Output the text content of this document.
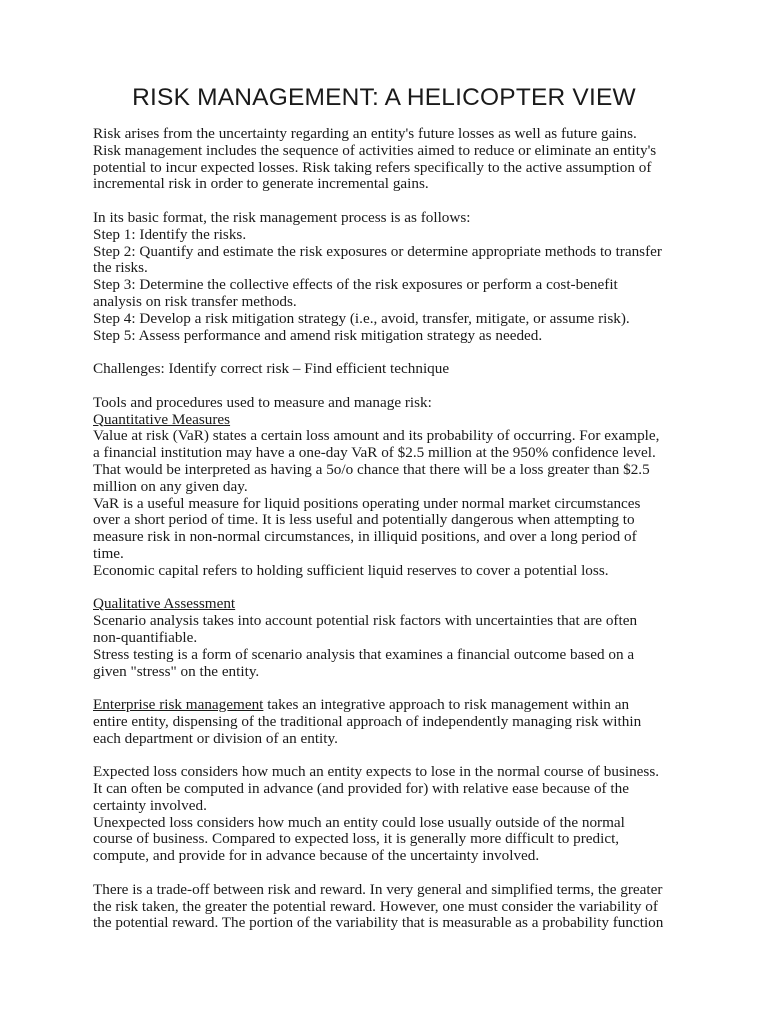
RISK MANAGEMENT: A HELICOPTER VIEW
Risk arises from the uncertainty regarding an entity's future losses as well as future gains.
Risk management includes the sequence of activities aimed to reduce or eliminate an entity's
potential to incur expected losses. Risk taking refers specifically to the active assumption of
incremental risk in order to generate incremental gains.
In its basic format, the risk management process is as follows:
Step 1: Identify the risks.
Step 2: Quantify and estimate the risk exposures or determine appropriate methods to transfer
the risks.
Step 3: Determine the collective effects of the risk exposures or perform a cost-benefit
analysis on risk transfer methods.
Step 4: Develop a risk mitigation strategy (i.e., avoid, transfer, mitigate, or assume risk).
Step 5: Assess performance and amend risk mitigation strategy as needed.
Challenges: Identify correct risk – Find efficient technique
Tools and procedures used to measure and manage risk:
Quantitative Measures
Value at risk (VaR) states a certain loss amount and its probability of occurring. For example,
a financial institution may have a one-day VaR of $2.5 million at the 950% confidence level.
That would be interpreted as having a 5o/o chance that there will be a loss greater than $2.5
million on any given day.
VaR is a useful measure for liquid positions operating under normal market circumstances
over a short period of time. It is less useful and potentially dangerous when attempting to
measure risk in non-normal circumstances, in illiquid positions, and over a long period of
time.
Economic capital refers to holding sufficient liquid reserves to cover a potential loss.
Qualitative Assessment
Scenario analysis takes into account potential risk factors with uncertainties that are often
non-quantifiable.
Stress testing is a form of scenario analysis that examines a financial outcome based on a
given "stress" on the entity.
Enterprise risk management takes an integrative approach to risk management within an
entire entity, dispensing of the traditional approach of independently managing risk within
each department or division of an entity.
Expected loss considers how much an entity expects to lose in the normal course of business.
It can often be computed in advance (and provided for) with relative ease because of the
certainty involved.
Unexpected loss considers how much an entity could lose usually outside of the normal
course of business. Compared to expected loss, it is generally more difficult to predict,
compute, and provide for in advance because of the uncertainty involved.
There is a trade-off between risk and reward. In very general and simplified terms, the greater
the risk taken, the greater the potential reward. However, one must consider the variability of
the potential reward. The portion of the variability that is measurable as a probability function
